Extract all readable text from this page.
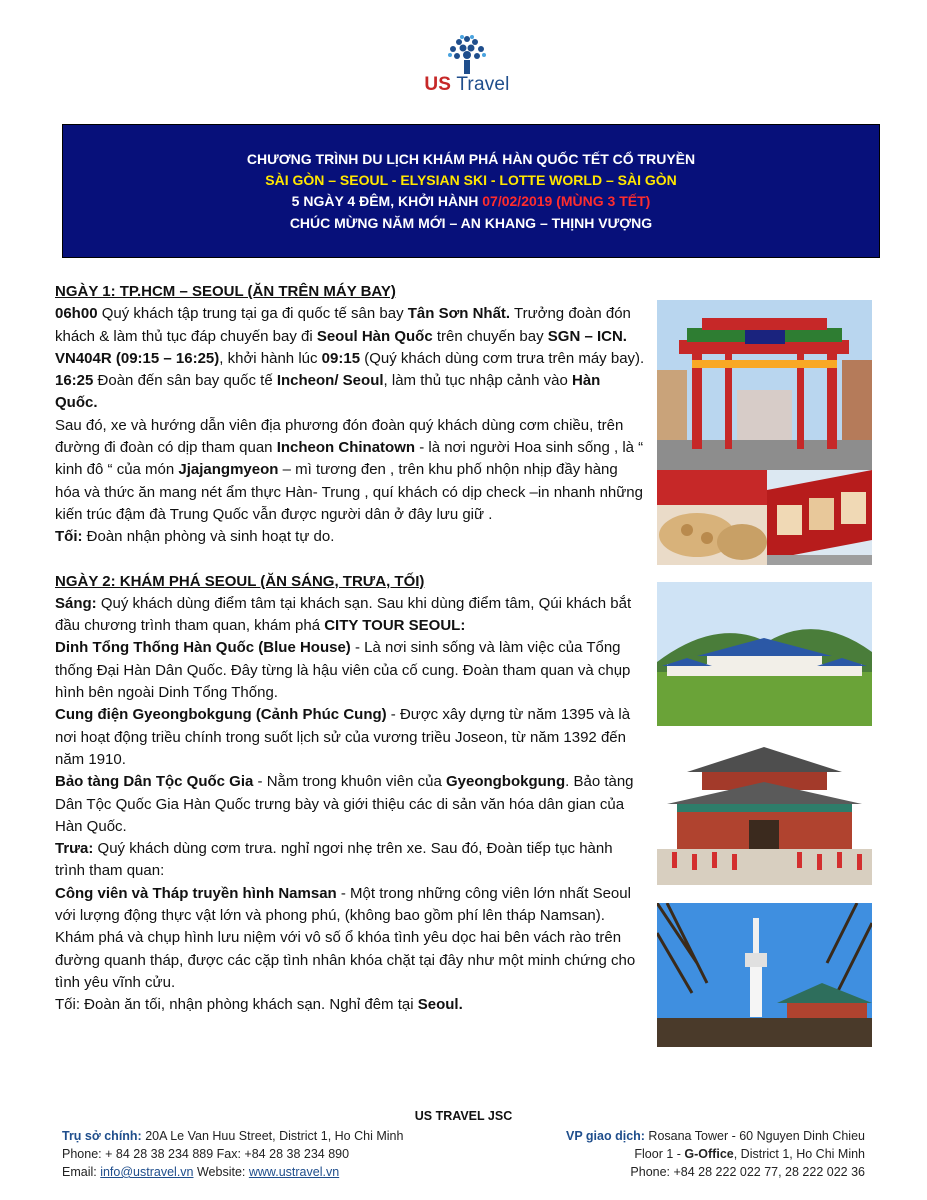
US Travel
CHƯƠNG TRÌNH DU LỊCH KHÁM PHÁ HÀN QUỐC TẾT CỔ TRUYỀN
SÀI GÒN – SEOUL - ELYSIAN SKI - LOTTE WORLD – SÀI GÒN
5 NGÀY 4 ĐÊM, KHỞI HÀNH 07/02/2019 (MÙNG 3 TẾT)
CHÚC MỪNG NĂM MỚI – AN KHANG – THỊNH VƯỢNG

NGÀY 1: TP.HCM – SEOUL (ĂN TRÊN MÁY BAY)

06h00 Quý khách tập trung tại ga đi quốc tế sân bay Tân Sơn Nhất. Trưởng đoàn đón khách & làm thủ tục đáp chuyến bay đi Seoul Hàn Quốc trên chuyến bay SGN – ICN. VN404R (09:15 – 16:25), khởi hành lúc 09:15 (Quý khách dùng cơm trưa trên máy bay).

16:25 Đoàn đến sân bay quốc tế Incheon/ Seoul, làm thủ tục nhập cảnh vào Hàn Quốc.

Sau đó, xe và hướng dẫn viên địa phương đón đoàn quý khách dùng cơm chiều, trên đường đi đoàn có dịp tham quan Incheon Chinatown - là nơi người Hoa sinh sống , là “ kinh đô “ của món Jjajangmyeon – mì tương đen , trên khu phố nhộn nhịp đầy hàng hóa và thức ăn mang nét ẩm thực Hàn- Trung , quí khách có dịp check –in nhanh những kiến trúc đậm đà Trung Quốc vẫn được người dân ở đây lưu giữ .

Tối: Đoàn nhận phòng và sinh hoạt tự do.

NGÀY 2: KHÁM PHÁ SEOUL (ĂN SÁNG, TRƯA, TỐI)

Sáng: Quý khách dùng điểm tâm tại khách sạn. Sau khi dùng điểm tâm, Qúi khách bắt đầu chương trình tham quan, khám phá CITY TOUR SEOUL:

Dinh Tổng Thống Hàn Quốc (Blue House) - Là nơi sinh sống và làm việc của Tổng thống Đại Hàn Dân Quốc. Đây từng là hậu viên của cố cung. Đoàn tham quan và chụp hình bên ngoài Dinh Tổng Thống.

Cung điện Gyeongbokgung (Cảnh Phúc Cung) - Được xây dựng từ năm 1395 và là nơi hoạt động triều chính trong suốt lịch sử của vương triều Joseon, từ năm 1392 đến năm 1910.

Bảo tàng Dân Tộc Quốc Gia - Nằm trong khuôn viên của Gyeongbokgung. Bảo tàng Dân Tộc Quốc Gia Hàn Quốc trưng bày và giới thiệu các di sản văn hóa dân gian của Hàn Quốc.

Trưa: Quý khách dùng cơm trưa. nghỉ ngơi nhẹ trên xe. Sau đó, Đoàn tiếp tục hành trình tham quan:

Công viên và Tháp truyền hình Namsan - Một trong những công viên lớn nhất Seoul với lượng động thực vật lớn và phong phú, (không bao gồm phí lên tháp Namsan).

Khám phá và chụp hình lưu niệm với vô số ổ khóa tình yêu dọc hai bên vách rào trên đường quanh tháp, được các cặp tình nhân khóa chặt tại đây như một minh chứng cho tình yêu vĩnh cửu.

Tối: Đoàn ăn tối, nhận phòng khách sạn. Nghỉ đêm tại Seoul.

US TRAVEL JSC
Trụ sở chính: 20A Le Van Huu Street, District 1, Ho Chi Minh
Phone: + 84 28 38 234 889 Fax: +84 28 38 234 890
Email: info@ustravel.vn Website: www.ustravel.vn
VP giao dịch: Rosana Tower - 60 Nguyen Dinh Chieu
Floor 1 - G-Office, District 1, Ho Chi Minh
Phone: +84 28 222 022 77, 28 222 022 36
